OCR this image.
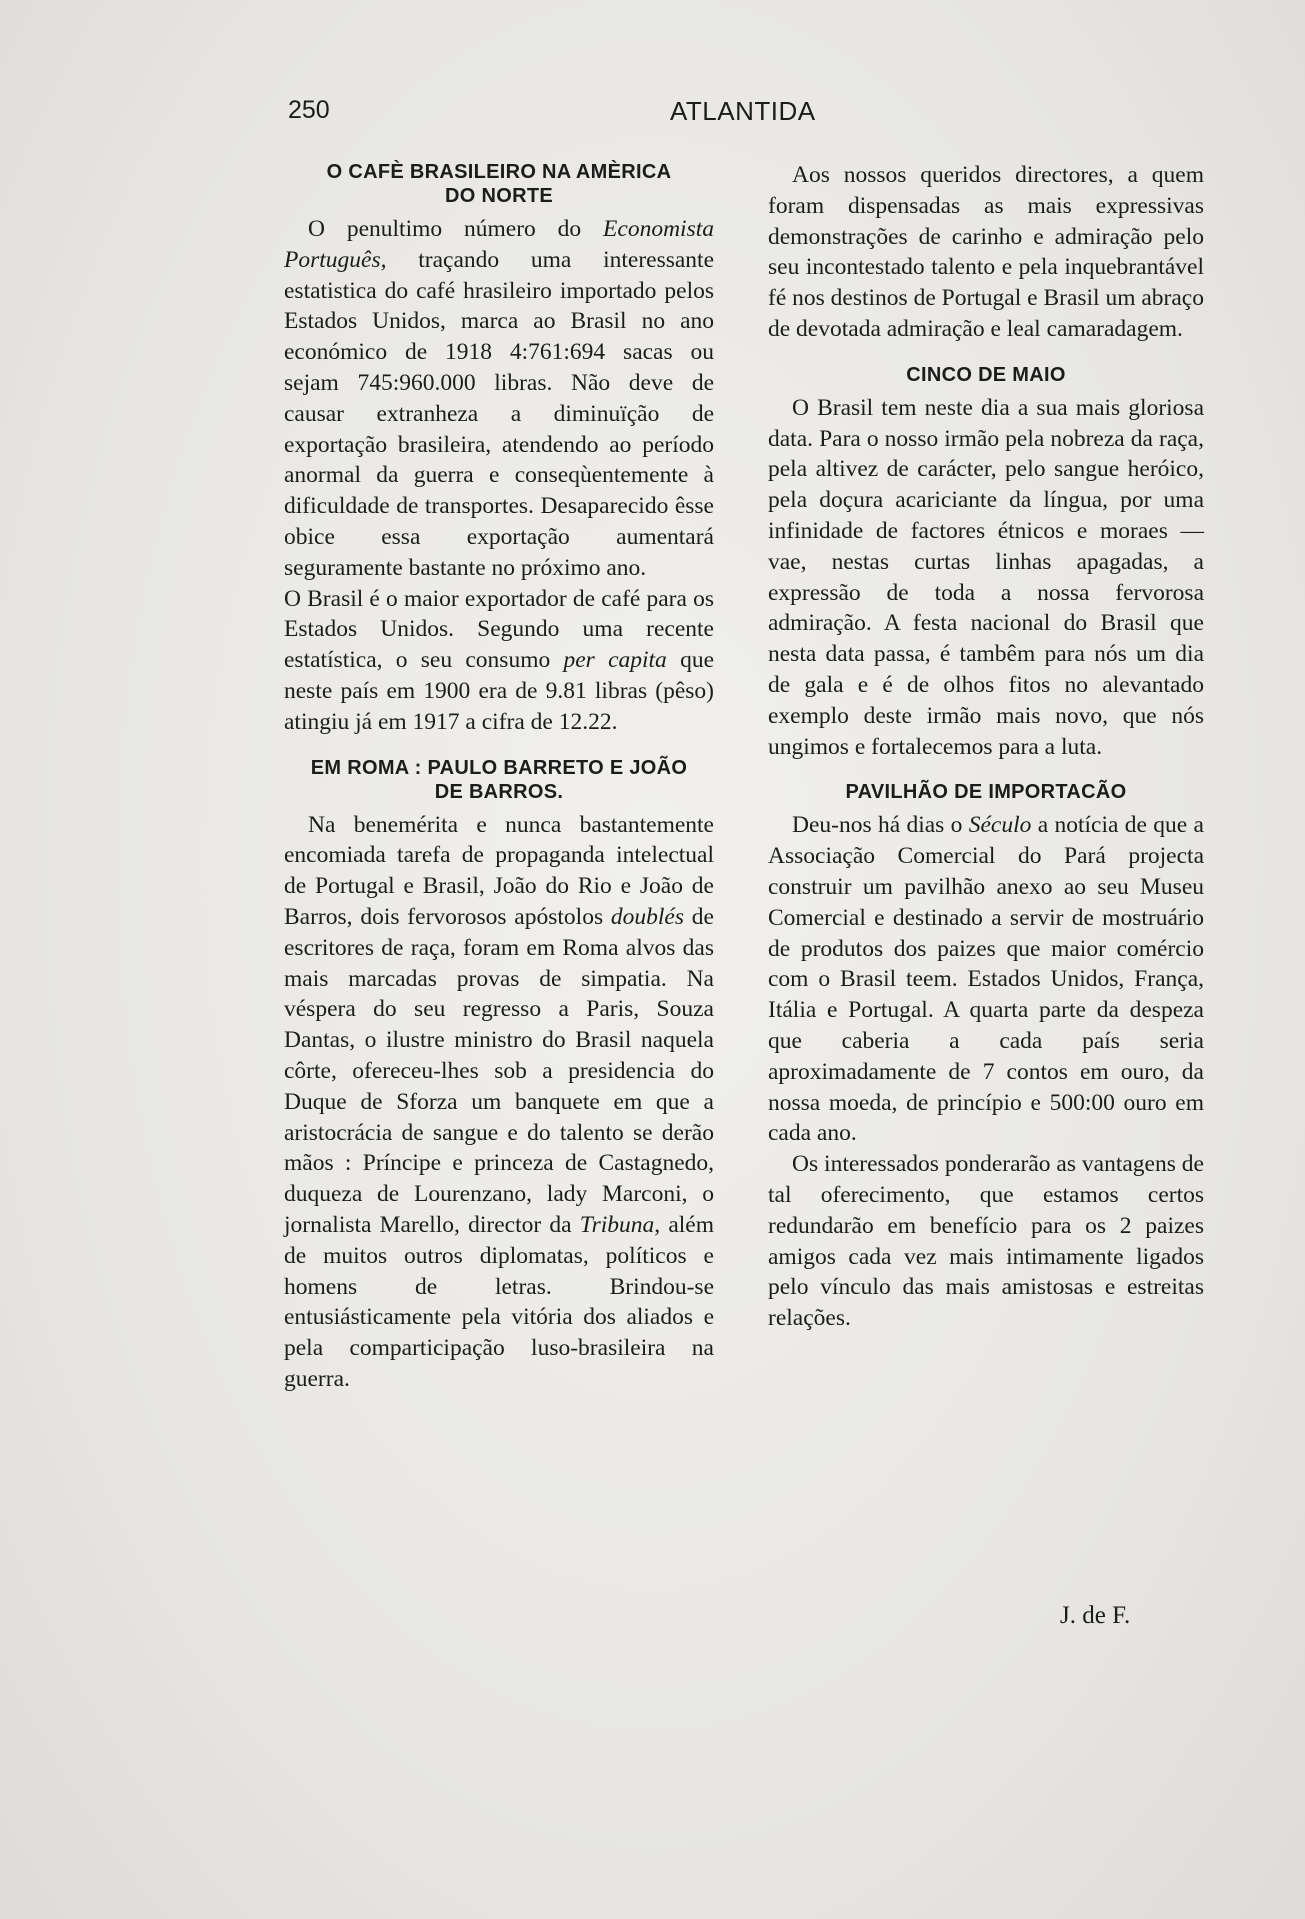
250	ATLANTIDA
O CAFÈ BRASILEIRO NA AMÈRICA
DO NORTE

O penultimo número do Economista Português, traçando uma interessante estatistica do café hrasileiro importado pelos Estados Unidos, marca ao Brasil no ano económico de 1918 4:761:694 sacas ou sejam 745:960.000 libras. Não deve de causar extranheza a diminuïção de exportação brasileira, atendendo ao período anormal da guerra e conseqùentemente à dificuldade de transportes. Desaparecido êsse obice essa exportação aumentará seguramente bastante no próximo ano.

O Brasil é o maior exportador de café para os Estados Unidos. Segundo uma recente estatística, o seu consumo per capita que neste país em 1900 era de 9.81 libras (pêso) atingiu já em 1917 a cifra de 12.22.

EM ROMA : PAULO BARRETO E JOÃO
DE BARROS.

Na benemérita e nunca bastantemente encomiada tarefa de propaganda intelectual de Portugal e Brasil, João do Rio e João de Barros, dois fervorosos apóstolos doublés de escritores de raça, foram em Roma alvos das mais marcadas provas de simpatia. Na véspera do seu regresso a Paris, Souza Dantas, o ilustre ministro do Brasil naquela côrte, ofereceu-lhes sob a presidencia do Duque de Sforza um banquete em que a aristocrácia de sangue e do talento se derão mãos : Príncipe e princeza de Castagnedo, duqueza de Lourenzano, lady Marconi, o jornalista Marello, director da Tribuna, além de muitos outros diplomatas, políticos e homens de letras. Brindou-se entusiásticamente pela vitória dos aliados e pela comparticipação luso-brasileira na guerra.

Aos nossos queridos directores, a quem foram dispensadas as mais expressivas demonstrações de carinho e admiração pelo seu incontestado talento e pela inquebrantável fé nos destinos de Portugal e Brasil um abraço de devotada admiração e leal camaradagem.

CINCO DE MAIO

O Brasil tem neste dia a sua mais gloriosa data. Para o nosso irmão pela nobreza da raça, pela altivez de carácter, pelo sangue heróico, pela doçura acariciante da língua, por uma infinidade de factores étnicos e moraes — vae, nestas curtas linhas apagadas, a expressão de toda a nossa fervorosa admiração. A festa nacional do Brasil que nesta data passa, é tambêm para nós um dia de gala e é de olhos fitos no alevantado exemplo deste irmão mais novo, que nós ungimos e fortalecemos para a luta.

PAVILHÃO DE IMPORTACÃO

Deu-nos há dias o Século a notícia de que a Associação Comercial do Pará projecta construir um pavilhão anexo ao seu Museu Comercial e destinado a servir de mostruário de produtos dos paizes que maior comércio com o Brasil teem. Estados Unidos, França, Itália e Portugal. A quarta parte da despeza que caberia a cada país seria aproximadamente de 7 contos em ouro, da nossa moeda, de princípio e 500:00 ouro em cada ano.

Os interessados ponderarão as vantagens de tal oferecimento, que estamos certos redundarão em benefício para os 2 paizes amigos cada vez mais intimamente ligados pelo vínculo das mais amistosas e estreitas relações.

J. de F.
